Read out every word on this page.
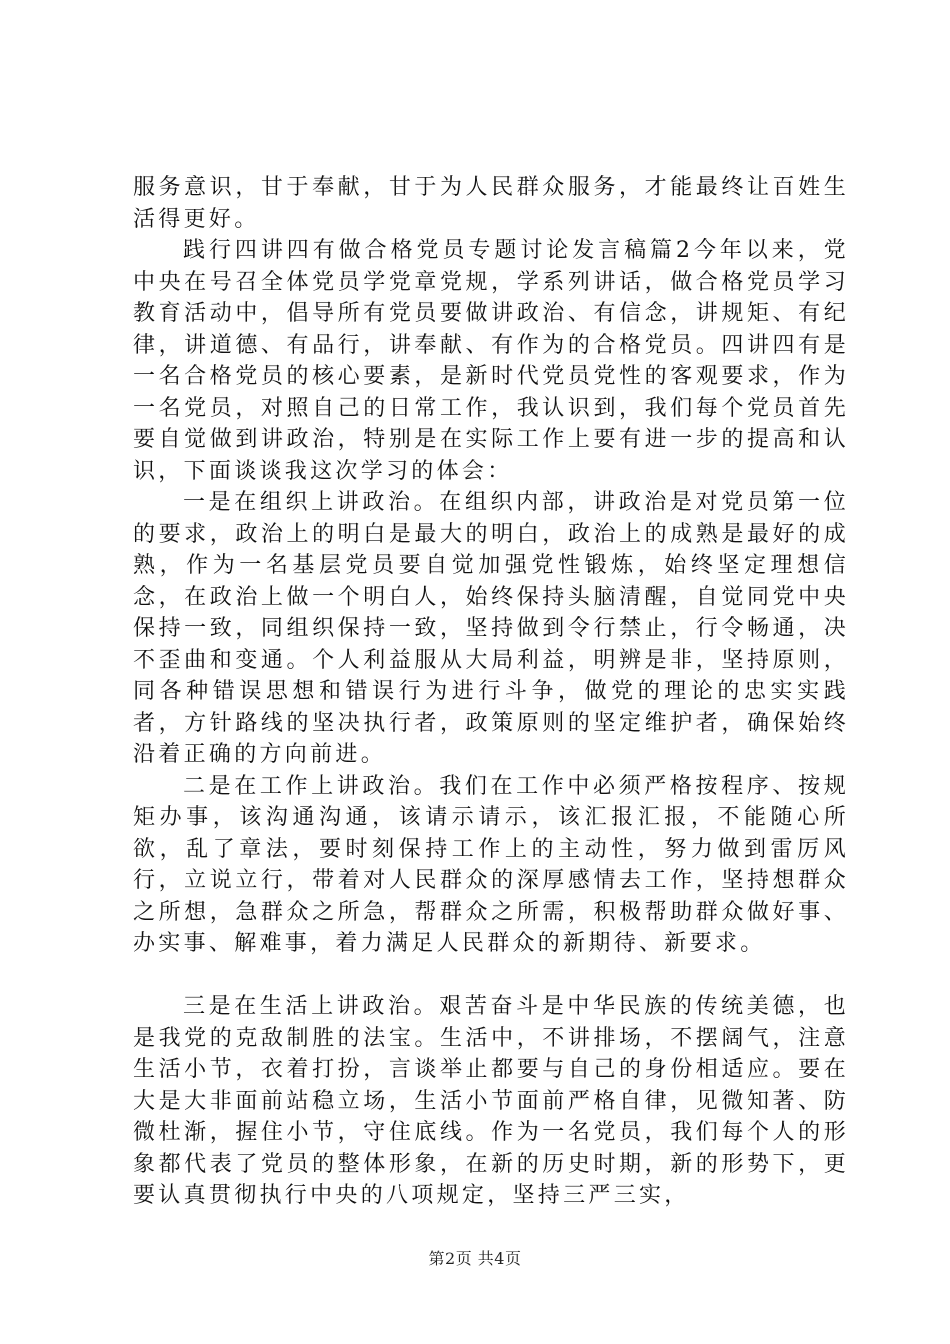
服务意识，甘于奉献，甘于为人民群众服务，才能最终让百姓生活得更好。

践行四讲四有做合格党员专题讨论发言稿篇2今年以来，党中央在号召全体党员学党章党规，学系列讲话，做合格党员学习教育活动中，倡导所有党员要做讲政治、有信念，讲规矩、有纪律，讲道德、有品行，讲奉献、有作为的合格党员。四讲四有是一名合格党员的核心要素，是新时代党员党性的客观要求，作为一名党员，对照自己的日常工作，我认识到，我们每个党员首先要自觉做到讲政治，特别是在实际工作上要有进一步的提高和认识，下面谈谈我这次学习的体会：

一是在组织上讲政治。在组织内部，讲政治是对党员第一位的要求，政治上的明白是最大的明白，政治上的成熟是最好的成熟，作为一名基层党员要自觉加强党性锻炼，始终坚定理想信念，在政治上做一个明白人，始终保持头脑清醒，自觉同党中央保持一致，同组织保持一致，坚持做到令行禁止，行令畅通，决不歪曲和变通。个人利益服从大局利益，明辨是非，坚持原则，同各种错误思想和错误行为进行斗争，做党的理论的忠实实践者，方针路线的坚决执行者，政策原则的坚定维护者，确保始终沿着正确的方向前进。

二是在工作上讲政治。我们在工作中必须严格按程序、按规矩办事，该沟通沟通，该请示请示，该汇报汇报，不能随心所欲，乱了章法，要时刻保持工作上的主动性，努力做到雷厉风行，立说立行，带着对人民群众的深厚感情去工作，坚持想群众之所想，急群众之所急，帮群众之所需，积极帮助群众做好事、办实事、解难事，着力满足人民群众的新期待、新要求。

三是在生活上讲政治。艰苦奋斗是中华民族的传统美德，也是我党的克敌制胜的法宝。生活中，不讲排场，不摆阔气，注意生活小节，衣着打扮，言谈举止都要与自己的身份相适应。要在大是大非面前站稳立场，生活小节面前严格自律，见微知著、防微杜渐，握住小节，守住底线。作为一名党员，我们每个人的形象都代表了党员的整体形象，在新的历史时期，新的形势下，更要认真贯彻执行中央的八项规定，坚持三严三实，

第2页 共4页
